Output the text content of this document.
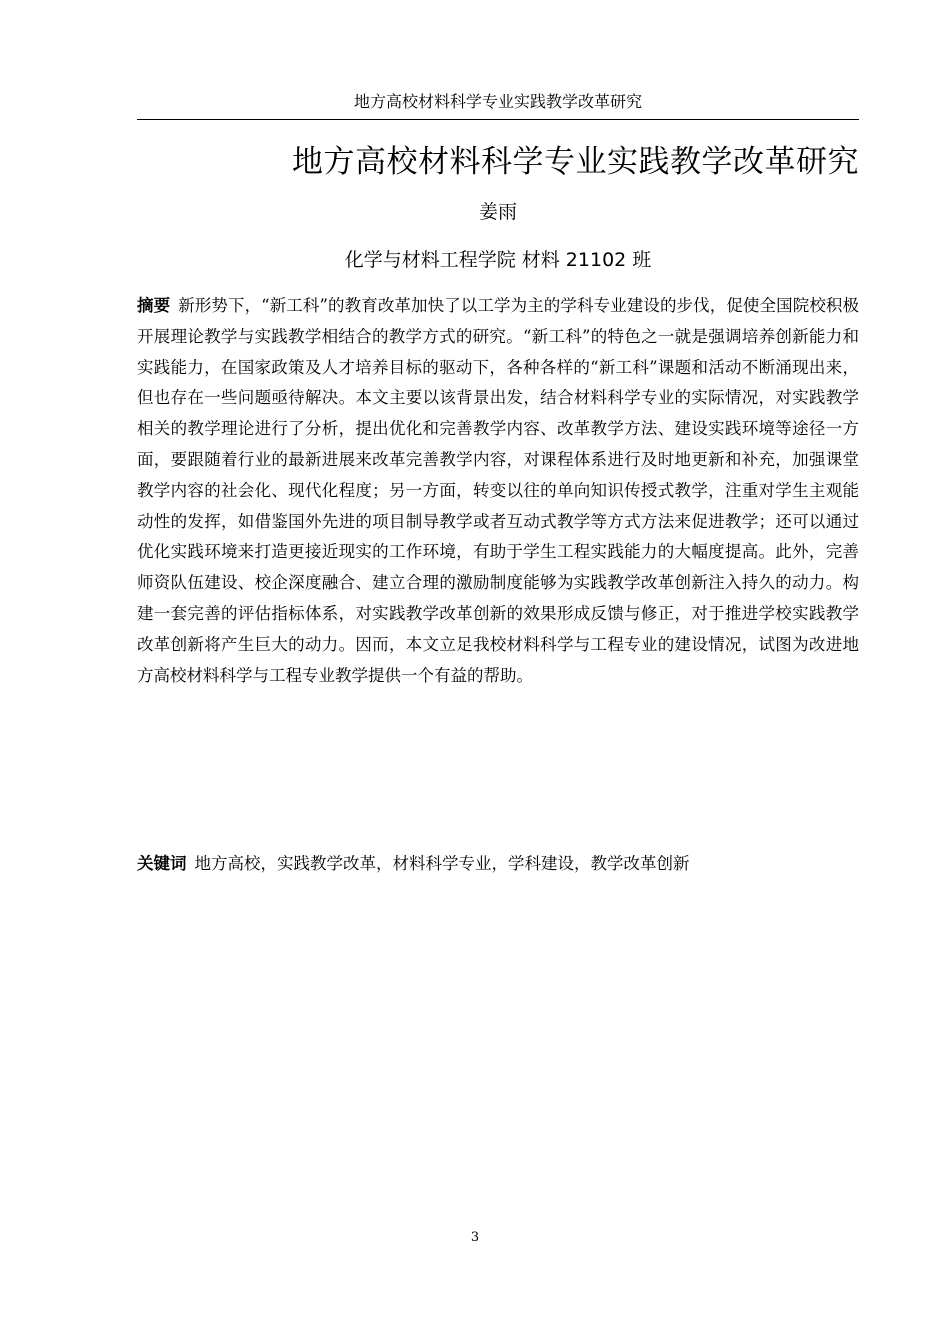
地方高校材料科学专业实践教学改革研究
地方高校材料科学专业实践教学改革研究
姜雨
化学与材料工程学院 材料 21102 班

摘要 新形势下，“新工科”的教育改革加快了以工学为主的学科专业建设的步伐，促使全国院校积极开展理论教学与实践教学相结合的教学方式的研究。“新工科”的特色之一就是强调培养创新能力和实践能力，在国家政策及人才培养目标的驱动下，各种各样的“新工科”课题和活动不断涌现出来，但也存在一些问题亟待解决。本文主要以该背景出发，结合材料科学专业的实际情况，对实践教学相关的教学理论进行了分析，提出优化和完善教学内容、改革教学方法、建设实践环境等途径一方面，要跟随着行业的最新进展来改革完善教学内容，对课程体系进行及时地更新和补充，加强课堂教学内容的社会化、现代化程度；另一方面，转变以往的单向知识传授式教学，注重对学生主观能动性的发挥，如借鉴国外先进的项目制导教学或者互动式教学等方式方法来促进教学；还可以通过优化实践环境来打造更接近现实的工作环境，有助于学生工程实践能力的大幅度提高。此外，完善师资队伍建设、校企深度融合、建立合理的激励制度能够为实践教学改革创新注入持久的动力。构建一套完善的评估指标体系，对实践教学改革创新的效果形成反馈与修正，对于推进学校实践教学改革创新将产生巨大的动力。因而，本文立足我校材料科学与工程专业的建设情况，试图为改进地方高校材料科学与工程专业教学提供一个有益的帮助。

关键词 地方高校，实践教学改革，材料科学专业，学科建设，教学改革创新

3
